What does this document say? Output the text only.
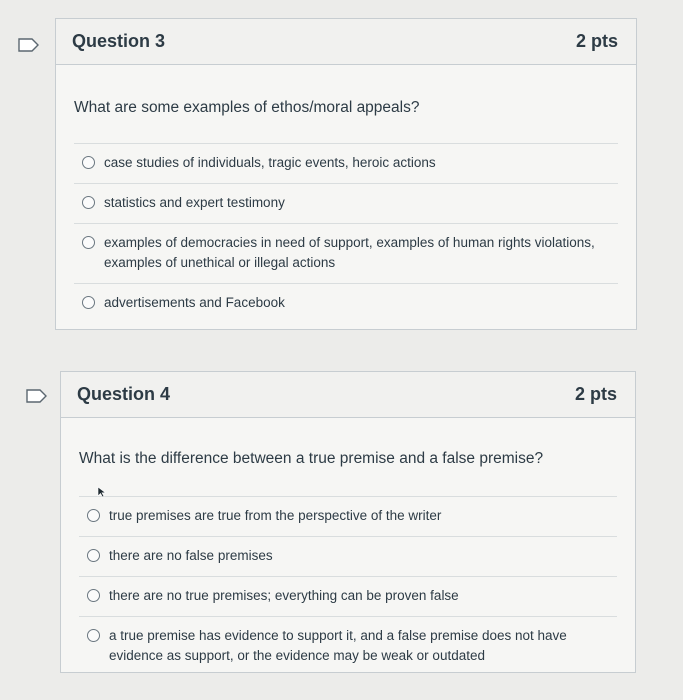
Question 3	2 pts

What are some examples of ethos/moral appeals?

case studies of individuals, tragic events, heroic actions
statistics and expert testimony
examples of democracies in need of support, examples of human rights violations, examples of unethical or illegal actions
advertisements and Facebook
Question 4	2 pts

What is the difference between a true premise and a false premise?

true premises are true from the perspective of the writer
there are no false premises
there are no true premises; everything can be proven false
a true premise has evidence to support it, and a false premise does not have evidence as support, or the evidence may be weak or outdated
